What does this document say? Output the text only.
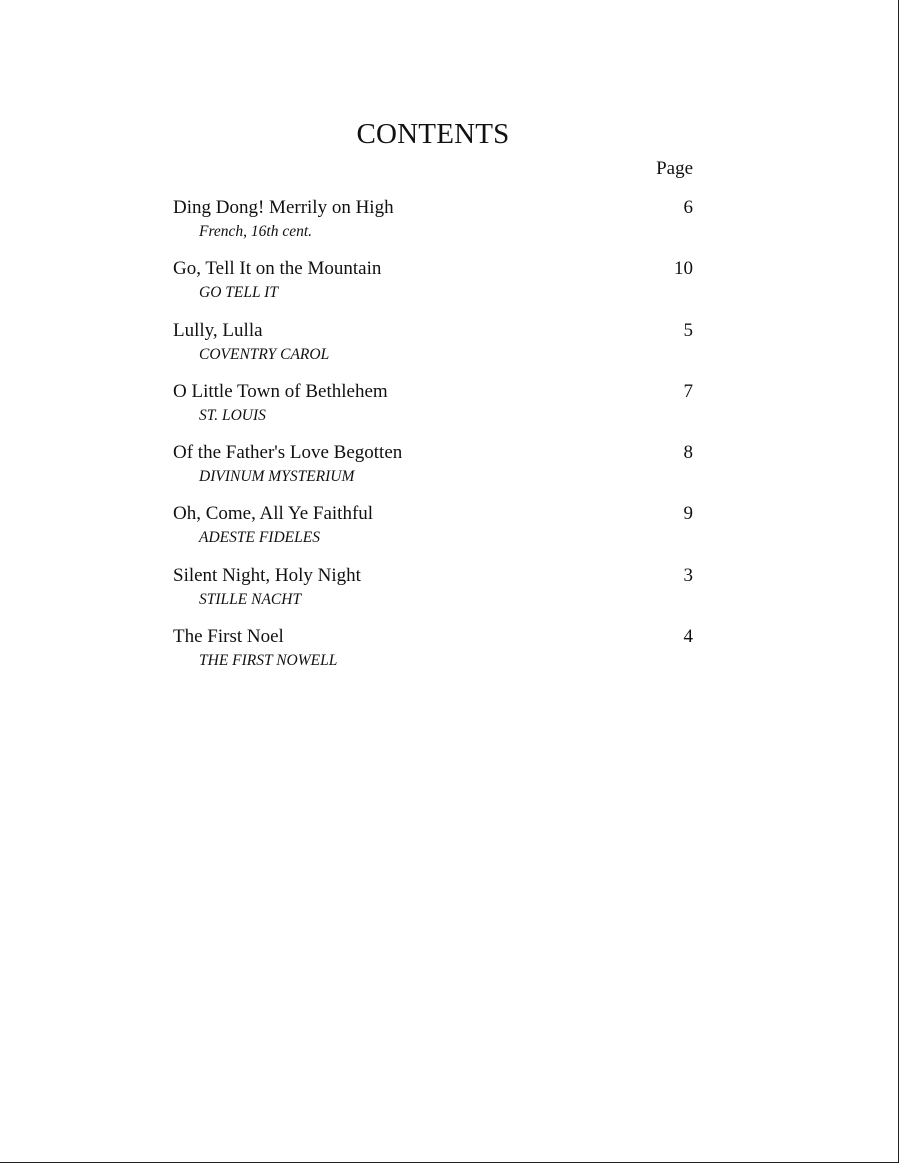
CONTENTS
Page
Ding Dong! Merrily on High
French, 16th cent.
6
Go, Tell It on the Mountain
GO TELL IT
10
Lully, Lulla
COVENTRY CAROL
5
O Little Town of Bethlehem
ST. LOUIS
7
Of the Father's Love Begotten
DIVINUM MYSTERIUM
8
Oh, Come, All Ye Faithful
ADESTE FIDELES
9
Silent Night, Holy Night
STILLE NACHT
3
The First Noel
THE FIRST NOWELL
4
